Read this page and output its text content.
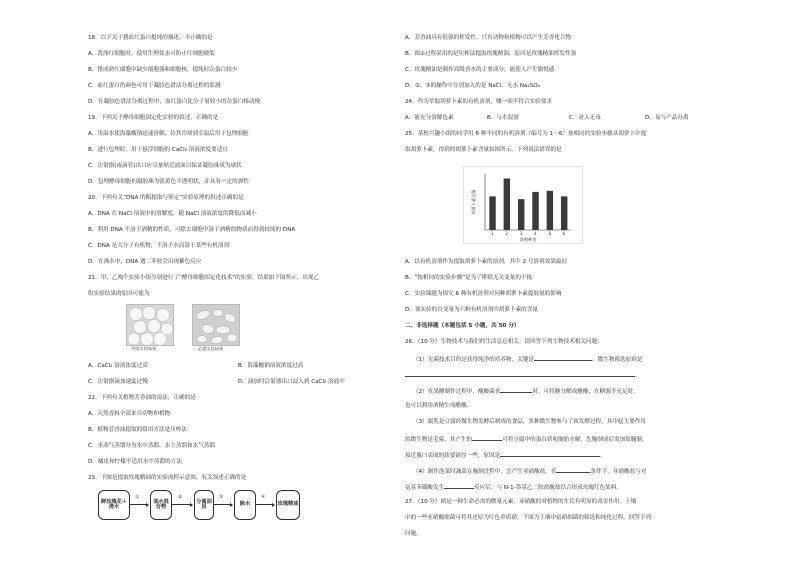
18．以下关于猪血红蛋白提纯的描述，不正确的是
A．洗涤红细胞时，使用生理盐水可防止红细胞破裂
B．猪成熟红细胞中缺少细胞器和细胞核，提纯时杂蛋白较少
C．血红蛋白的颜色可用于凝胶色谱法分离过程的监测
D．在凝胶色谱法分离过程中，血红蛋白比分子量较小的杂蛋白移动慢
19．下列关于酵母细胞固定化实验的叙述，正确的是
A．用温水使海藻酸钠迅速溶解，待其冷却到室温后用于包埋细胞
B．进行包埋时，用于悬浮细胞的 CaCl₂ 溶液浓度要适宜
C．注射器(或滴管)出口应尽量贴近液面以保证凝胶珠成为球状
D．包埋酵母细胞的凝胶珠为淡黄色半透明状，并具有一定的弹性
20．下列有关“DNA 的粗提取与鉴定”实验原理的叙述正确的是
A．DNA 在 NaCl 溶液中的溶解度，随 NaCl 溶液浓度的降低而减小
B．利用 DNA 不溶于酒精的性质，可除去细胞中溶于酒精的物质而得到较纯的 DNA
C．DNA 是大分子有机物，不溶于水而溶于某些有机溶剂
D．在沸水中，DNA 遇二苯胺会出现紫色反应
21．甲、乙两个实验小组分别进行了“酵母细胞固定化技术”的实验，结果如下图所示。出现乙
组实验结果的原因可能为
甲组实验结果	乙组实验结果
A．CaCl₂ 溶液浓度过高	B．海藻酸钠溶液浓度过高
C．注射器滴加速度过慢	D．滴加时注射器出口浸入到 CaCl₂ 溶液中
22．下列有关植物芳香油的说法，正确的是
A．天然香料全部来自动物和植物
B．植物芳香油提取的常用方法是压榨法
C．水蒸气蒸馏分为水中蒸馏、水上蒸馏和水气蒸馏
D．橘皮和柠檬不适用水中蒸馏的方法
23．下图是提取玫瑰精油的实验流程示意图，有关叙述正确的是
鲜玫瑰花＋清水
①
油水混合物
②
分离油层
③
除水
④
玫瑰精油
A．芳香油具有很强的挥发性，只有动物和植物可以产生芳香化合物
B．图①过程采用的是压榨法提取玫瑰精油，原因是玫瑰精油挥发性强
C．玫瑰精油是制作高级香水的主要成分，能使人产生愉悦感
D．②、③的操作中分别加入的是 NaCl、无水 Na₂SO₄
24．作为萃取胡萝卜素的有机溶剂，哪一项不符合实验要求
A．能充分溶解色素	B．与水混溶	C．对人无毒	D．易与产品分离
25．某校兴趣小组的同学用 6 种不同的有机溶剂（编号为 1～6）按相同的实验步骤从胡萝卜中提
取胡萝卜素，得到的胡萝卜素含量如图所示。下列说法错误的是
1	2	3	4	5	6
胡萝卜素含量
溶剂种类
A．以有机溶剂作为提取胡萝卜素的溶剂，其中 2 号溶剂效果最好
B．“按相同的实验步骤”是为了排除无关变量的干扰
C．实验课题为探究 6 种有机溶剂对同种胡萝卜素提取量的影响
D．该实验的自变量为六种有机溶剂中胡萝卜素的含量
二、非选择题（本题包括 5 小题，共 50 分）
26．（10 分）生物技术与我们的生活息息相关。请回答下列生物技术相关问题：
（1）无菌技术目的是获得纯净的培养物，关键是	，微生物筛选原则是
。
（2）在果醋制作过程中，醋酸菌在	时，可将糖分解成醋酸；在糖源不充足时，
也可以利用酒精生成醋酸。
（3）腐乳是豆腐经微生物发酵后制成的食品，多种微生物参与了该发酵过程，其中起主要作用
的微生物是毛霉，其产生的	可将豆腐中的蛋白质和脂肪水解，先腌制成后需加盐腌制，
接近瓶口表面的盐要铺厚一些，原因是	。
（4）制作泡菜时蔬菜在腌制过程中，会产生亚硝酸盐。在	条件下，亚硝酸盐与对
氨基苯磺酸发生	反应后，与 N-1-萘基乙二胺盐酸盐结合形成玫瑰红色染料。
27．（10 分）硝是一种生命必需的微量元素，亚硝酸的对植物的生长有明显的毒害作用。土壤
中的一些亚硝酸细菌可将其还原为红色单质硝。下图为土壤中富硝细菌的筛选和纯化过程。回答下列
问题。
